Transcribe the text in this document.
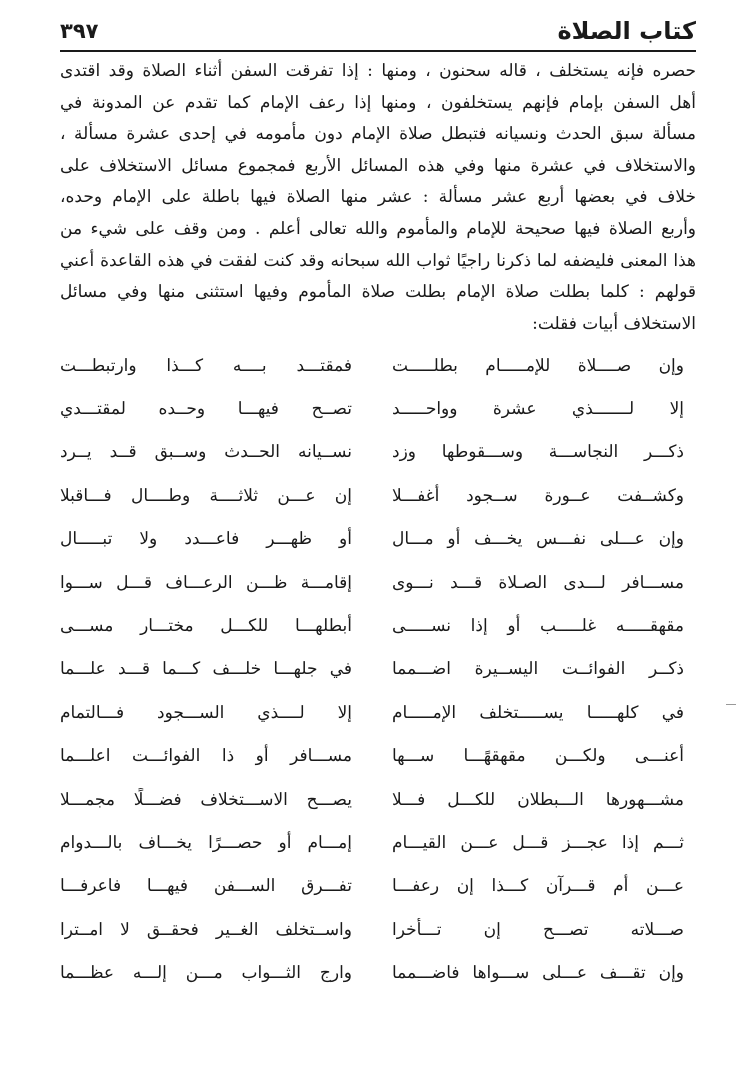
كتاب الصلاة
٣٩٧
حصره فإنه يستخلف ، قاله سحنون ، ومنها : إذا تفرقت السفن أثناء الصلاة وقد اقتدى
أهل السفن بإمام فإنهم يستخلفون ، ومنها إذا رعف الإمام كما تقدم عن المدونة في
مسألة سبق الحدث ونسيانه فتبطل صلاة الإمام دون مأمومه في إحدى عشرة مسألة ،
والاستخلاف في عشرة منها وفي هذه المسائل الأربع فمجموع مسائل الاستخلاف على
خلاف في بعضها أربع عشر مسألة : عشر منها الصلاة فيها باطلة على الإمام وحده،
وأربع الصلاة فيها صحيحة للإمام والمأموم والله تعالى أعلم . ومن وقف على شيء من
هذا المعنى فليضفه لما ذكرنا راجيًا ثواب الله سبحانه وقد كنت لفقت في هذه القاعدة أعني
قولهم : كلما بطلت صلاة الإمام بطلت صلاة المأموم وفيها استثنى منها وفي مسائل
الاستخلاف أبيات فقلت:
وإن صــــلاة للإمـــــام بطلـــــت
فمقتـــد بــــه كـــذا وارتبطـــت
إلا لـــــــذي عشرة وواحـــــد
تصــح فيهـــا وحــده لمقتـــدي
ذكـــر النجاســـة وســـقوطها وزد
نســيانه الحــدث وســبق قــد يــرد
وكشــفت عــورة ســجود أغفـــلا
إن عـــن ثلاثــــة وطــــال فـــاقبلا
وإن عـــلى نفـــس يخـــف أو مـــال
أو ظهـــر فاعـــدد ولا تبـــــال
مســـافر لـــدى الصـلاة قـــد نـــوى
إقامـــة ظـــن الرعـــاف قـــل ســـوا
مقهقـــــه غلـــــب أو إذا نســـــى
أبطلهـــا للكـــل مختـــار مســـى
ذكــر الفوائــت اليســيرة اضـــمما
في جلهـــا خلـــف كـــما قـــد علـــما
في كلهـــــا يســـــتخلف الإمـــــام
إلا لــــذي الســـجود فـــالتمام
أعنـــى ولكـــن مقهقهًـــا ســـها
مســـافر أو ذا الفوائـــت اعلـــما
مشـــهورها الـــبطلان للكـــل فـــلا
يصـــح الاســـتخلاف فضـــلًا مجمـــلا
ثـــم إذا عجـــز قـــل عـــن القيـــام
إمـــام أو حصـــرًا يخـــاف بالـــدوام
عـــن أم قـــرآن كـــذا إن رعفـــا
تفـــرق الســـفن فيهـــا فاعرفـــا
صـــلاته تصـــح إن تـــأخرا
واســتخلف الغــير فحقــق لا امــترا
وإن تقـــف عـــلى ســـواها فاضـــمما
وارج الثـــواب مـــن إلـــه عظـــما
